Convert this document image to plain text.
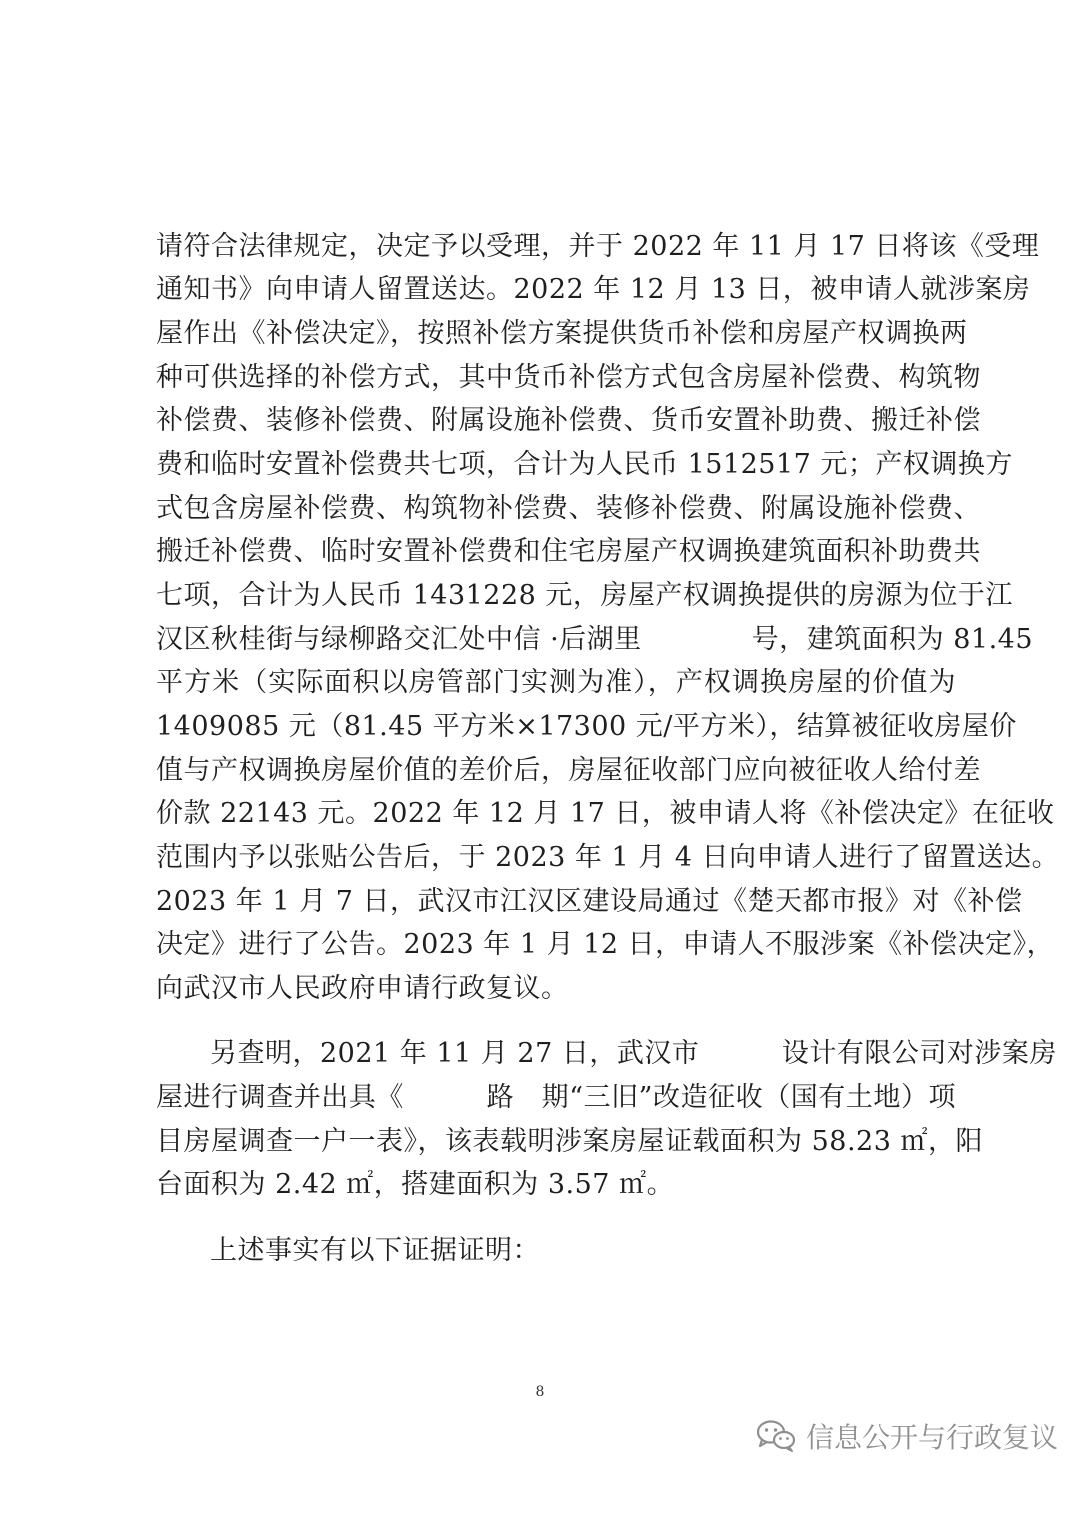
请符合法律规定，决定予以受理，并于 2022 年 11 月 17 日将该《受理
通知书》向申请人留置送达。2022 年 12 月 13 日，被申请人就涉案房
屋作出《补偿决定》，按照补偿方案提供货币补偿和房屋产权调换两
种可供选择的补偿方式，其中货币补偿方式包含房屋补偿费、构筑物
补偿费、装修补偿费、附属设施补偿费、货币安置补助费、搬迁补偿
费和临时安置补偿费共七项，合计为人民币 1512517 元；产权调换方
式包含房屋补偿费、构筑物补偿费、装修补偿费、附属设施补偿费、
搬迁补偿费、临时安置补偿费和住宅房屋产权调换建筑面积补助费共
七项，合计为人民币 1431228 元，房屋产权调换提供的房源为位于江
汉区秋桂街与绿柳路交汇处中信 ·后湖里　　　　号，建筑面积为 81.45
平方米（实际面积以房管部门实测为准），产权调换房屋的价值为
1409085 元（81.45 平方米×17300 元/平方米），结算被征收房屋价
值与产权调换房屋价值的差价后，房屋征收部门应向被征收人给付差
价款 22143 元。2022 年 12 月 17 日，被申请人将《补偿决定》在征收
范围内予以张贴公告后，于 2023 年 1 月 4 日向申请人进行了留置送达。
2023 年 1 月 7 日，武汉市江汉区建设局通过《楚天都市报》对《补偿
决定》进行了公告。2023 年 1 月 12 日，申请人不服涉案《补偿决定》，
向武汉市人民政府申请行政复议。
另查明，2021 年 11 月 27 日，武汉市　　　设计有限公司对涉案房
屋进行调查并出具《　　　路　期“三旧”改造征收（国有土地）项
目房屋调查一户一表》，该表载明涉案房屋证载面积为 58.23 ㎡，阳
台面积为 2.42 ㎡，搭建面积为 3.57 ㎡。
上述事实有以下证据证明：
8
信息公开与行政复议
